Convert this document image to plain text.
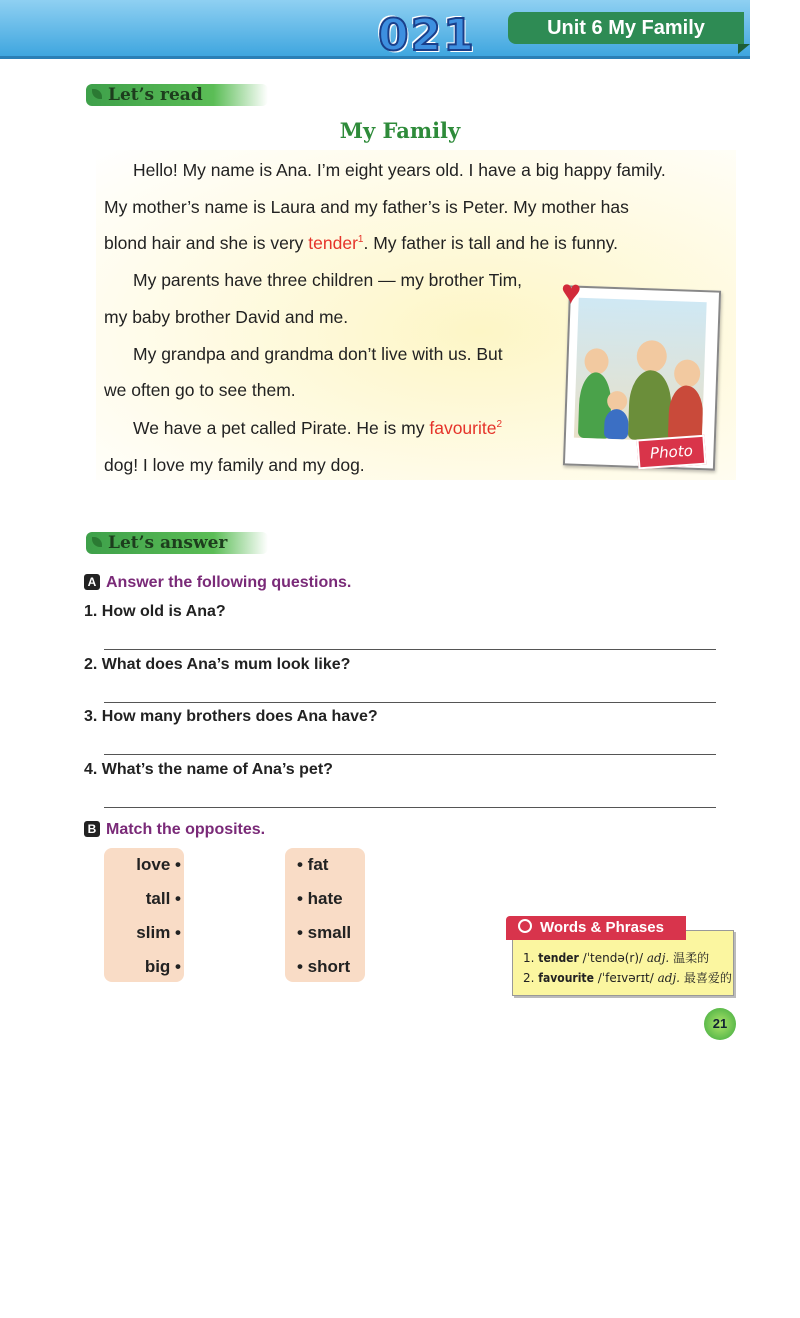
021	Unit 6 My Family
Let’s read
My Family
Hello! My name is Ana. I’m eight years old. I have a big happy family.
My mother’s name is Laura and my father’s is Peter. My mother has
blond hair and she is very tender$^1$. My father is tall and he is funny.
My parents have three children — my brother Tim,
my baby brother David and me.
My grandpa and grandma don’t live with us. But
we often go to see them.
We have a pet called Pirate. He is my favourite$^2$
dog! I love my family and my dog.
♥
Photo
Let’s answer
A Answer the following questions.
1. How old is Ana?
2. What does Ana’s mum look like?
3. How many brothers does Ana have?
4. What’s the name of Ana’s pet?
B Match the opposites.
love •
tall •
slim •
big •
• fat
• hate
• small
• short	1. tender /ˈtendə(r)/ adj. 温柔的
2. favourite /ˈfeɪvərɪt/ adj. 最喜爱的
Words & Phrases
21
